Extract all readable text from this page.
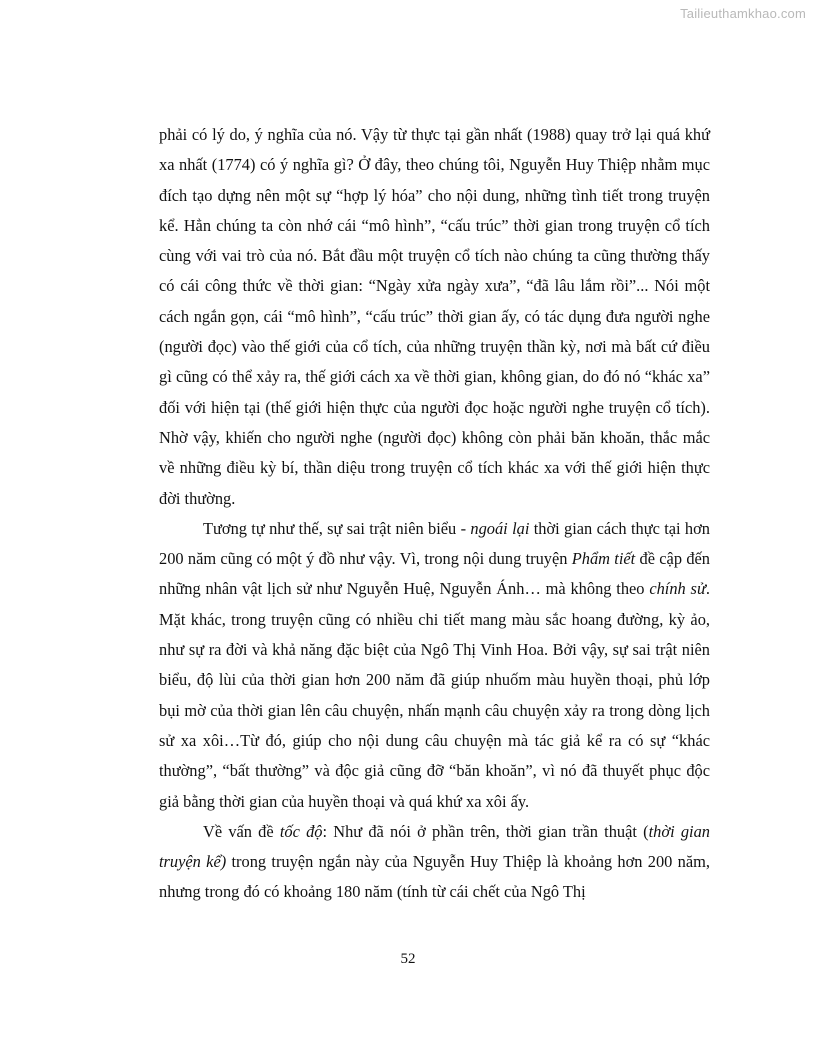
Tailieuthamkhao.com

phải có lý do, ý nghĩa của nó. Vậy từ thực tại gần nhất (1988) quay trở lại quá khứ xa nhất (1774) có ý nghĩa gì? Ở đây, theo chúng tôi, Nguyễn Huy Thiệp nhằm mục đích tạo dựng nên một sự “hợp lý hóa” cho nội dung, những tình tiết trong truyện kể. Hẳn chúng ta còn nhớ cái “mô hình”, “cấu trúc” thời gian trong truyện cổ tích cùng với vai trò của nó. Bắt đầu một truyện cổ tích nào chúng ta cũng thường thấy có cái công thức về thời gian: “Ngày xửa ngày xưa”, “đã lâu lắm rồi”... Nói một cách ngắn gọn, cái “mô hình”, “cấu trúc” thời gian ấy, có tác dụng đưa người nghe (người đọc) vào thế giới của cổ tích, của những truyện thần kỳ, nơi mà bất cứ điều gì cũng có thể xảy ra, thế giới cách xa về thời gian, không gian, do đó nó “khác xa” đối với hiện tại (thế giới hiện thực của người đọc hoặc người nghe truyện cổ tích). Nhờ vậy, khiến cho người nghe (người đọc) không còn phải băn khoăn, thắc mắc về những điều kỳ bí, thần diệu trong truyện cổ tích khác xa với thế giới hiện thực đời thường.

Tương tự như thế, sự sai trật niên biểu - ngoái lại thời gian cách thực tại hơn 200 năm cũng có một ý đồ như vậy. Vì, trong nội dung truyện Phẩm tiết đề cập đến những nhân vật lịch sử như Nguyễn Huệ, Nguyễn Ánh… mà không theo chính sử. Mặt khác, trong truyện cũng có nhiều chi tiết mang màu sắc hoang đường, kỳ ảo, như sự ra đời và khả năng đặc biệt của Ngô Thị Vinh Hoa. Bởi vậy, sự sai trật niên biểu, độ lùi của thời gian hơn 200 năm đã giúp nhuốm màu huyền thoại, phủ lớp bụi mờ của thời gian lên câu chuyện, nhấn mạnh câu chuyện xảy ra trong dòng lịch sử xa xôi…Từ đó, giúp cho nội dung câu chuyện mà tác giả kể ra có sự “khác thường”, “bất thường” và độc giả cũng đỡ “băn khoăn”, vì nó đã thuyết phục độc giả bằng thời gian của huyền thoại và quá khứ xa xôi ấy.

Về vấn đề tốc độ: Như đã nói ở phần trên, thời gian trần thuật (thời gian truyện kể) trong truyện ngắn này của Nguyễn Huy Thiệp là khoảng hơn 200 năm, nhưng trong đó có khoảng 180 năm (tính từ cái chết của Ngô Thị

52
